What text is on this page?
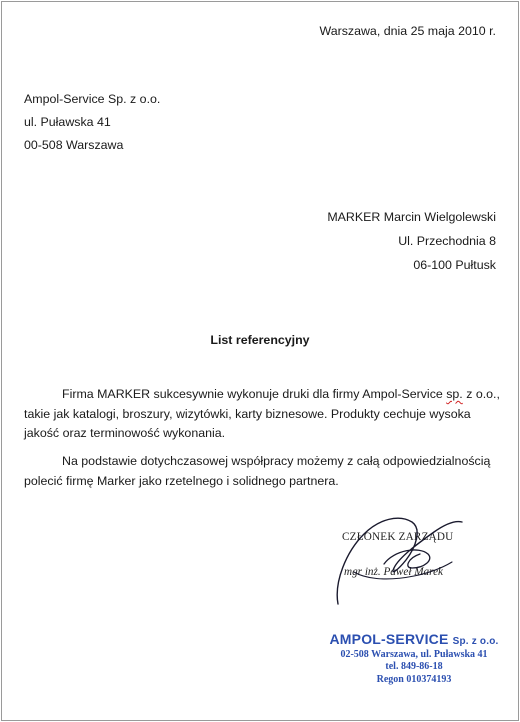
Warszawa, dnia 25 maja 2010 r.
Ampol-Service Sp. z o.o.
ul. Puławska 41
00-508 Warszawa
MARKER Marcin Wielgolewski
Ul. Przechodnia 8
06-100 Pułtusk
List referencyjny
Firma MARKER sukcesywnie wykonuje druki dla firmy Ampol-Service sp. z o.o., takie jak katalogi, broszury, wizytówki, karty biznesowe. Produkty cechuje wysoka jakość oraz terminowość wykonania.
Na podstawie dotychczasowej współpracy możemy z całą odpowiedzialnością polecić firmę Marker jako rzetelnego i solidnego partnera.
CZŁONEK ZARZĄDU
mgr inż. Paweł Marek
AMPOL-SERVICE Sp. z o.o.
02-508 Warszawa, ul. Puławska 41
tel. 849-86-18
Regon 010374193
